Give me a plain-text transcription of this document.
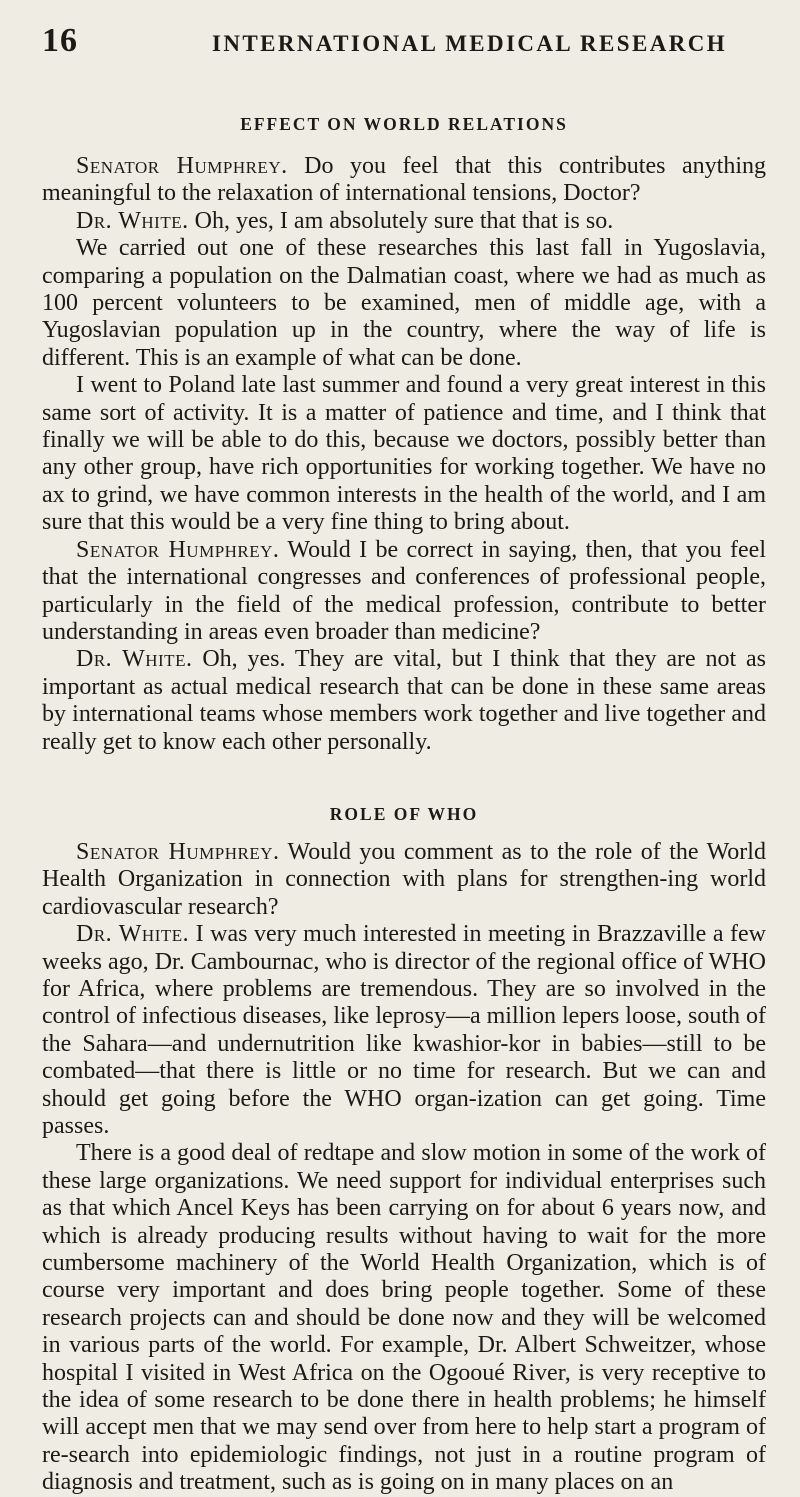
16	INTERNATIONAL MEDICAL RESEARCH
EFFECT ON WORLD RELATIONS

Senator Humphrey. Do you feel that this contributes anything meaningful to the relaxation of international tensions, Doctor?

Dr. White. Oh, yes, I am absolutely sure that that is so.

We carried out one of these researches this last fall in Yugoslavia, comparing a population on the Dalmatian coast, where we had as much as 100 percent volunteers to be examined, men of middle age, with a Yugoslavian population up in the country, where the way of life is different. This is an example of what can be done.

I went to Poland late last summer and found a very great interest in this same sort of activity. It is a matter of patience and time, and I think that finally we will be able to do this, because we doctors, possibly better than any other group, have rich opportunities for working together. We have no ax to grind, we have common interests in the health of the world, and I am sure that this would be a very fine thing to bring about.

Senator Humphrey. Would I be correct in saying, then, that you feel that the international congresses and conferences of professional people, particularly in the field of the medical profession, contribute to better understanding in areas even broader than medicine?

Dr. White. Oh, yes. They are vital, but I think that they are not as important as actual medical research that can be done in these same areas by international teams whose members work together and live together and really get to know each other personally.

ROLE OF WHO

Senator Humphrey. Would you comment as to the role of the World Health Organization in connection with plans for strengthen-ing world cardiovascular research?

Dr. White. I was very much interested in meeting in Brazzaville a few weeks ago, Dr. Cambournac, who is director of the regional office of WHO for Africa, where problems are tremendous. They are so involved in the control of infectious diseases, like leprosy—a million lepers loose, south of the Sahara—and undernutrition like kwashior-kor in babies—still to be combated—that there is little or no time for research. But we can and should get going before the WHO organ-ization can get going. Time passes.

There is a good deal of redtape and slow motion in some of the work of these large organizations. We need support for individual enterprises such as that which Ancel Keys has been carrying on for about 6 years now, and which is already producing results without having to wait for the more cumbersome machinery of the World Health Organization, which is of course very important and does bring people together. Some of these research projects can and should be done now and they will be welcomed in various parts of the world. For example, Dr. Albert Schweitzer, whose hospital I visited in West Africa on the Ogooué River, is very receptive to the idea of some research to be done there in health problems; he himself will accept men that we may send over from here to help start a program of re-search into epidemiologic findings, not just in a routine program of diagnosis and treatment, such as is going on in many places on an
